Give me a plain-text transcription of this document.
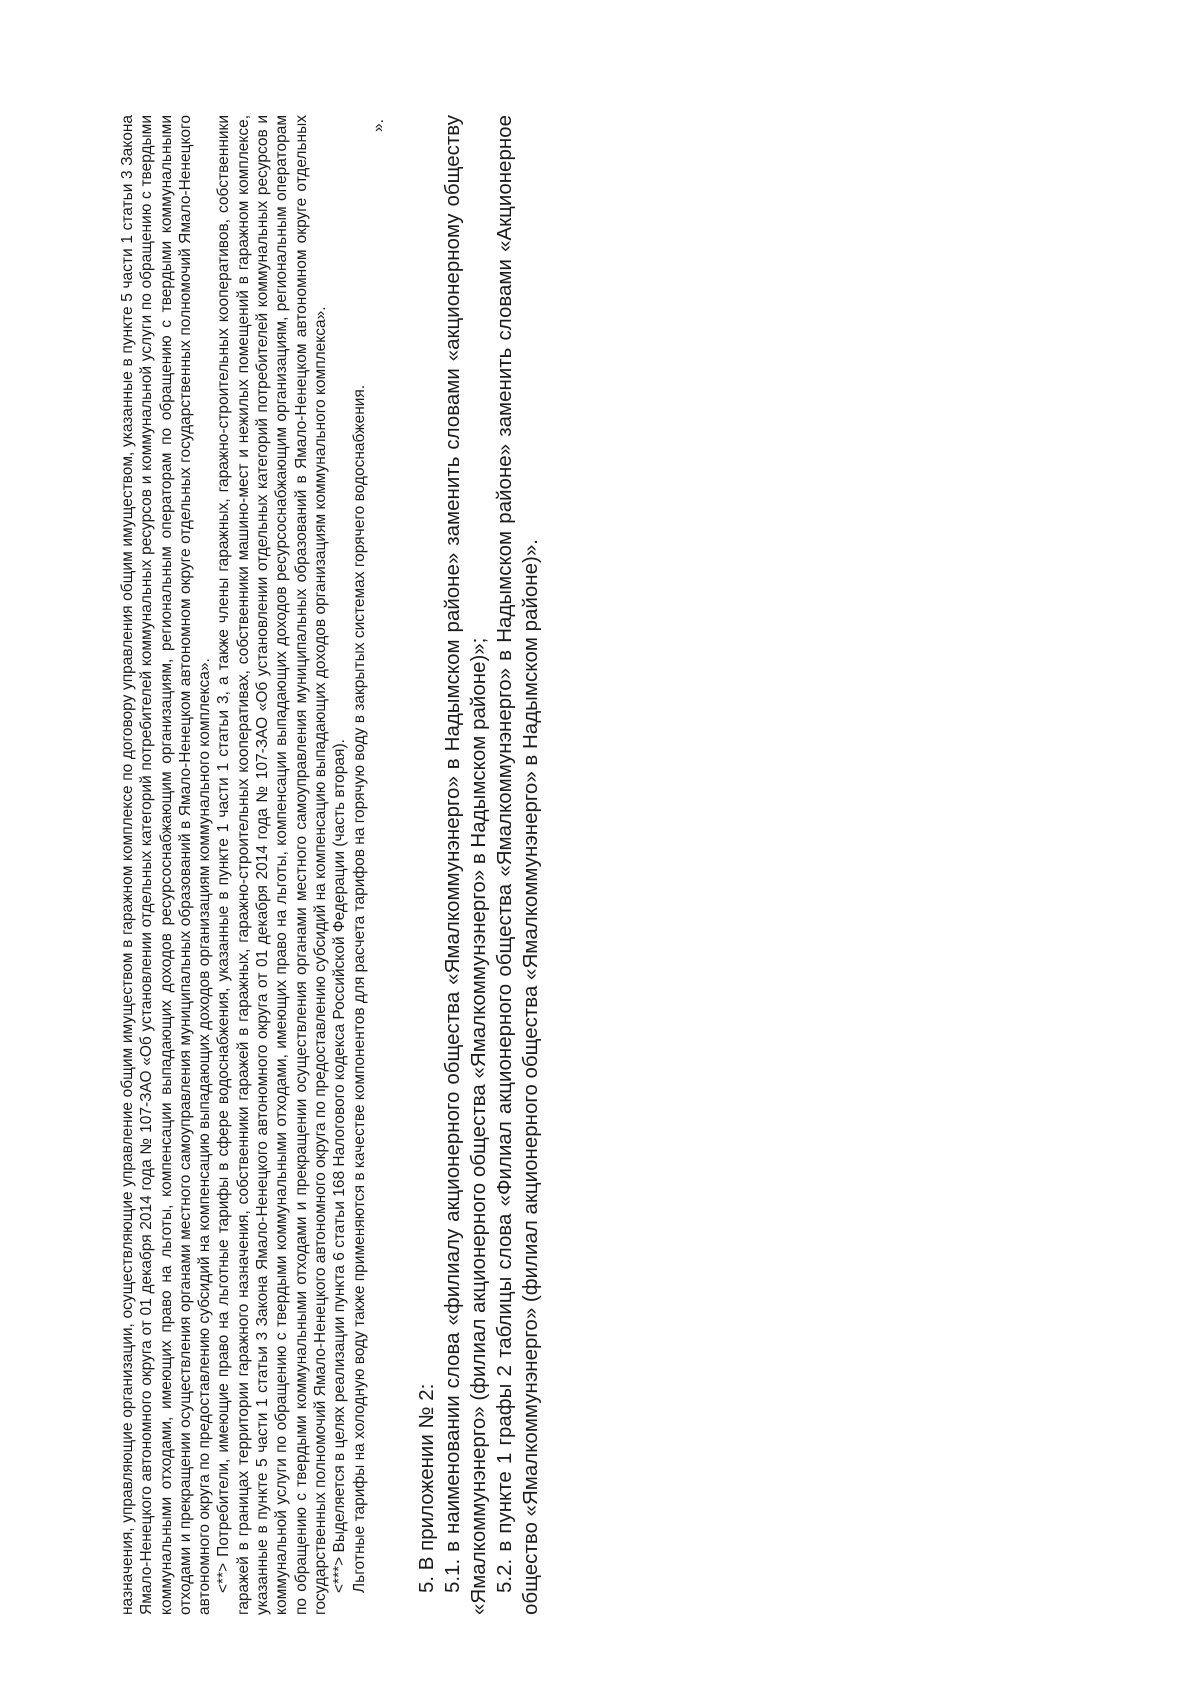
назначения, управляющие организации, осуществляющие управление общим имуществом в гаражном комплексе по договору управления общим имуществом, указанные в пункте 5 части 1 статьи 3 Закона Ямало-Ненецкого автономного округа от 01 декабря 2014 года № 107-ЗАО «Об установлении отдельных категорий потребителей коммунальных ресурсов и коммунальной услуги по обращению с твердыми коммунальными отходами, имеющих право на льготы, компенсации выпадающих доходов ресурсоснабжающим организациям, региональным операторам по обращению с твердыми коммунальными отходами и прекращении осуществления органами местного самоуправления муниципальных образований в Ямало-Ненецком автономном округе отдельных государственных полномочий Ямало-Ненецкого автономного округа по предоставлению субсидий на компенсацию выпадающих доходов организациям коммунального комплекса». <**> Потребители, имеющие право на льготные тарифы в сфере водоснабжения, указанные в пункте 1 части 1 статьи 3, а также члены гаражных, гаражно-строительных кооперативов, собственники гаражей в границах территории гаражного назначения, собственники гаражей в гаражных, гаражно-строительных кооперативах, собственники машино-мест и нежилых помещений в гаражном комплексе, указанные в пункте 5 части 1 статьи 3 Закона Ямало-Ненецкого автономного округа от 01 декабря 2014 года № 107-ЗАО «Об установлении отдельных категорий потребителей коммунальных ресурсов и коммунальной услуги по обращению с твердыми коммунальными отходами, имеющих право на льготы, компенсации выпадающих доходов ресурсоснабжающим организациям, региональным операторам по обращению с твердыми коммунальными отходами и прекращении осуществления органами местного самоуправления муниципальных образований в Ямало-Ненецком автономном округе отдельных государственных полномочий Ямало-Ненецкого автономного округа по предоставлению субсидий на компенсацию выпадающих доходов организациям коммунального комплекса». <***> Выделяется в целях реализации пункта 6 статьи 168 Налогового кодекса Российской Федерации (часть вторая). Льготные тарифы на холодную воду также применяются в качестве компонентов для расчета тарифов на горячую воду в закрытых системах горячего водоснабжения.

».

5. В приложении № 2: 5.1. в наименовании слова «филиалу акционерного общества «Ямалкоммунэнерго» в Надымском районе» заменить словами «акционерному обществу «Ямалкоммунэнерго» (филиал акционерного общества «Ямалкоммунэнерго» в Надымском районе)»; 5.2. в пункте 1 графы 2 таблицы слова «Филиал акционерного общества «Ямалкоммунэнерго» в Надымском районе» заменить словами «Акционерное общество «Ямалкоммунэнерго» (филиал акционерного общества «Ямалкоммунэнерго» в Надымском районе)».
